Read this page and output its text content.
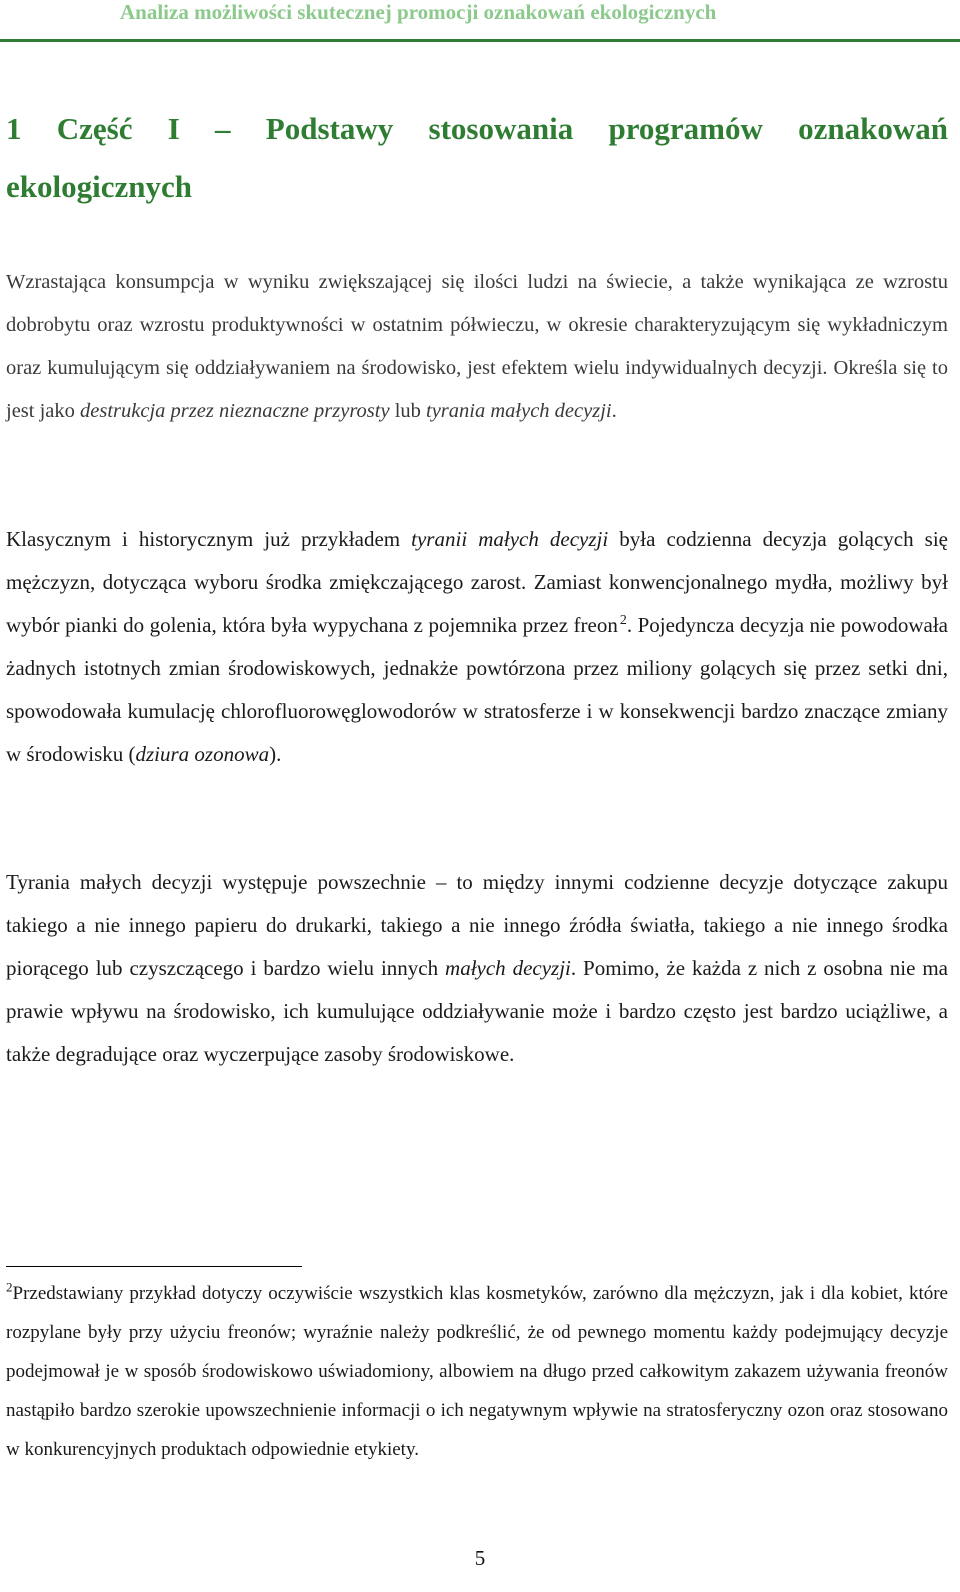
Analiza możliwości skutecznej promocji oznakowań ekologicznych
1 Część I – Podstawy stosowania programów oznakowań ekologicznych

Wzrastająca konsumpcja w wyniku zwiększającej się ilości ludzi na świecie, a także wynikająca ze wzrostu dobrobytu oraz wzrostu produktywności w ostatnim półwieczu, w okresie charakteryzującym się wykładniczym oraz kumulującym się oddziaływaniem na środowisko, jest efektem wielu indywidualnych decyzji. Określa się to jest jako destrukcja przez nieznaczne przyrosty lub tyrania małych decyzji.

Klasycznym i historycznym już przykładem tyranii małych decyzji była codzienna decyzja golących się mężczyzn, dotycząca wyboru środka zmiękczającego zarost. Zamiast konwencjonalnego mydła, możliwy był wybór pianki do golenia, która była wypychana z pojemnika przez freon $^2$. Pojedyncza decyzja nie powodowała żadnych istotnych zmian środowiskowych, jednakże powtórzona przez miliony golących się przez setki dni, spowodowała kumulację chlorofluorowęglowodorów w stratosferze i w konsekwencji bardzo znaczące zmiany w środowisku (dziura ozonowa).

Tyrania małych decyzji występuje powszechnie – to między innymi codzienne decyzje dotyczące zakupu takiego a nie innego papieru do drukarki, takiego a nie innego źródła światła, takiego a nie innego środka piorącego lub czyszczącego i bardzo wielu innych małych decyzji. Pomimo, że każda z nich z osobna nie ma prawie wpływu na środowisko, ich kumulujące oddziaływanie może i bardzo często jest bardzo uciążliwe, a także degradujące oraz wyczerpujące zasoby środowiskowe.

$^2$Przedstawiany przykład dotyczy oczywiście wszystkich klas kosmetyków, zarówno dla mężczyzn, jak i dla kobiet, które rozpylane były przy użyciu freonów; wyraźnie należy podkreślić, że od pewnego momentu każdy podejmujący decyzje podejmował je w sposób środowiskowo uświadomiony, albowiem na długo przed całkowitym zakazem używania freonów nastąpiło bardzo szerokie upowszechnienie informacji o ich negatywnym wpływie na stratosferyczny ozon oraz stosowano w konkurencyjnych produktach odpowiednie etykiety.

5
